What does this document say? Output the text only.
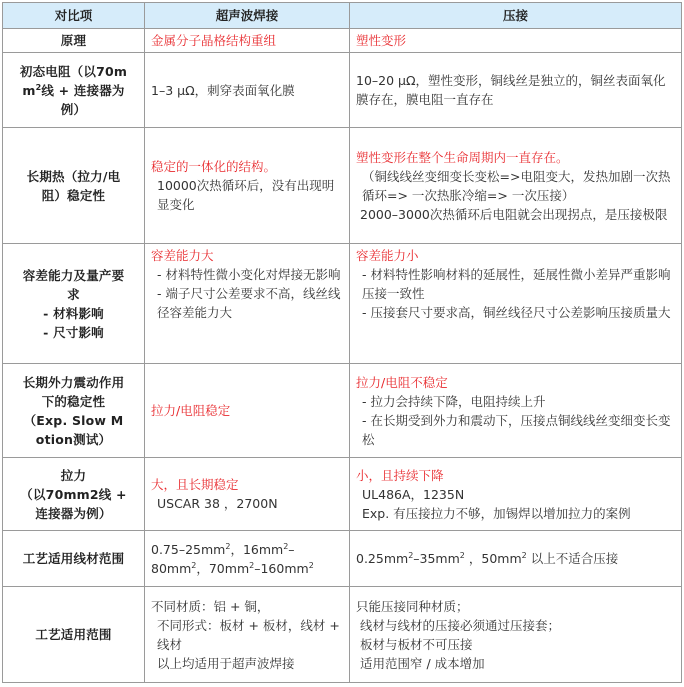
对比项	超声波焊接	压接
原理	金属分子晶格结构重组	塑性变形
初态电阻（以70m
$m^2$线 + 连接器为
例）	1–3 μΩ，刺穿表面氧化膜	10–20 μΩ，塑性变形，铜线丝是独立的，铜丝表面氧化膜存在，膜电阻一直存在

长期热（拉力/电
阻）稳定性	稳定的一体化的结构。
10000次热循环后，没有出现明显变化	塑性变形在整个生命周期内一直存在。
（铜线线丝变细变长变松=>电阻变大，发热加剧一次热循环=> 一次热胀冷缩=> 一次压接）
2000–3000次热循环后电阻就会出现拐点，是压接极限

容差能力及量产要
求
- 材料影响
- 尺寸影响	容差能力大
- 材料特性微小变化对焊接无影响
- 端子尺寸公差要求不高，线丝线径容差能力大	容差能力小
- 材料特性影响材料的延展性，延展性微小差异严重影响压接一致性
- 压接套尺寸要求高，铜丝线径尺寸公差影响压接质量大

长期外力震动作用
下的稳定性
（Exp. Slow M
otion测试）	拉力/电阻稳定	拉力/电阻不稳定
- 拉力会持续下降，电阻持续上升
- 在长期受到外力和震动下，压接点铜线线丝变细变长变松

拉力
（以70mm2线 +
连接器为例）	大，且长期稳定
USCAR 38 ，2700N	小，且持续下降
UL486A，1235N
Exp. 有压接拉力不够，加锡焊以增加拉力的案例

工艺适用线材范围	$0.75-25mm^2$，$16mm^2-80mm^2$，$70mm^2-160mm^2$	$0.25mm^2-35mm^2$ ，$50mm^2$ 以上不适合压接
工艺适用范围	不同材质：铝 + 铜，
不同形式：板材 + 板材，线材 + 线材
以上均适用于超声波焊接	只能压接同种材质；
线材与线材的压接必须通过压接套；
板材与板材不可压接
适用范围窄 / 成本增加
